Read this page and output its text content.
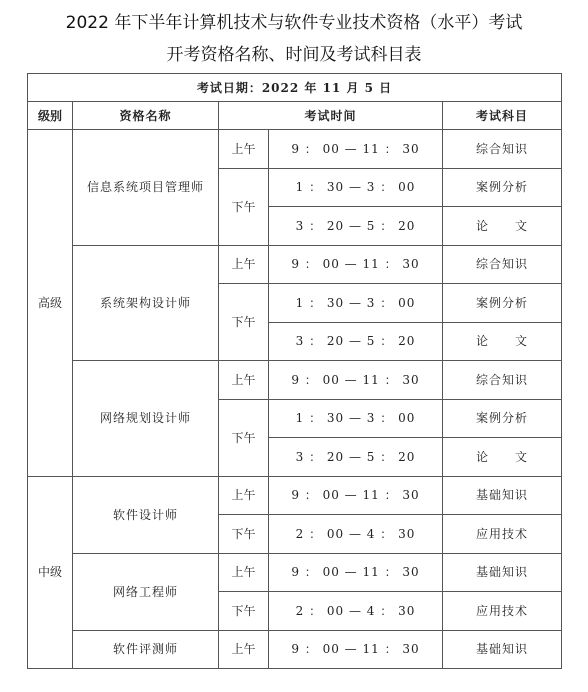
2022 年下半年计算机技术与软件专业技术资格（水平）考试
开考资格名称、时间及考试科目表
考试日期：2022 年 11 月 5 日				
级别	资格名称	考试时间		考试科目
高级	信息系统项目管理师	上午	9 ： 00 — 11 ： 30	综合知识
		下午	1 ： 30 — 3 ： 00	案例分析
			3 ： 20 — 5 ： 20	论　　文
	系统架构设计师	上午	9 ： 00 — 11 ： 30	综合知识
		下午	1 ： 30 — 3 ： 00	案例分析
			3 ： 20 — 5 ： 20	论　　文
	网络规划设计师	上午	9 ： 00 — 11 ： 30	综合知识
		下午	1 ： 30 — 3 ： 00	案例分析
			3 ： 20 — 5 ： 20	论　　文
中级	软件设计师	上午	9 ： 00 — 11 ： 30	基础知识
		下午	2 ： 00 — 4 ： 30	应用技术
	网络工程师	上午	9 ： 00 — 11 ： 30	基础知识
		下午	2 ： 00 — 4 ： 30	应用技术
	软件评测师	上午	9 ： 00 — 11 ： 30	基础知识
